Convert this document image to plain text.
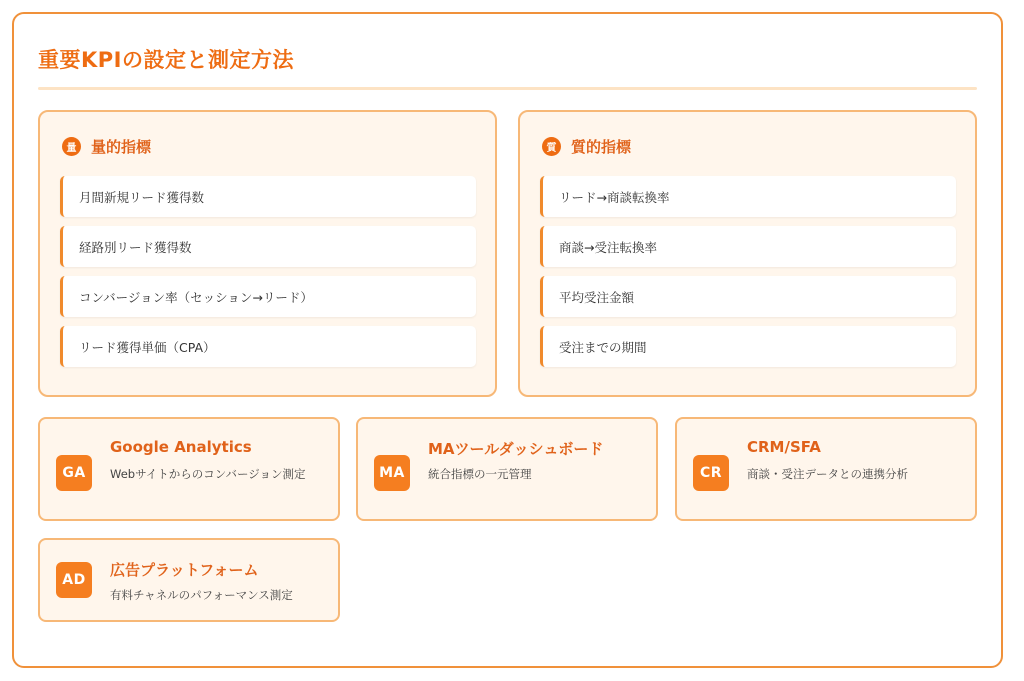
重要KPIの設定と測定方法
量 量的指標
月間新規リード獲得数
経路別リード獲得数
コンバージョン率（セッション→リード）
リード獲得単価（CPA）
質 質的指標
リード→商談転換率
商談→受注転換率
平均受注金額
受注までの期間
GA
Google Analytics
Webサイトからのコンバージョン測定	MA
MAツールダッシュボード
統合指標の一元管理	CR
CRM/SFA
商談・受注データとの連携分析
AD
広告プラットフォーム
有料チャネルのパフォーマンス測定
